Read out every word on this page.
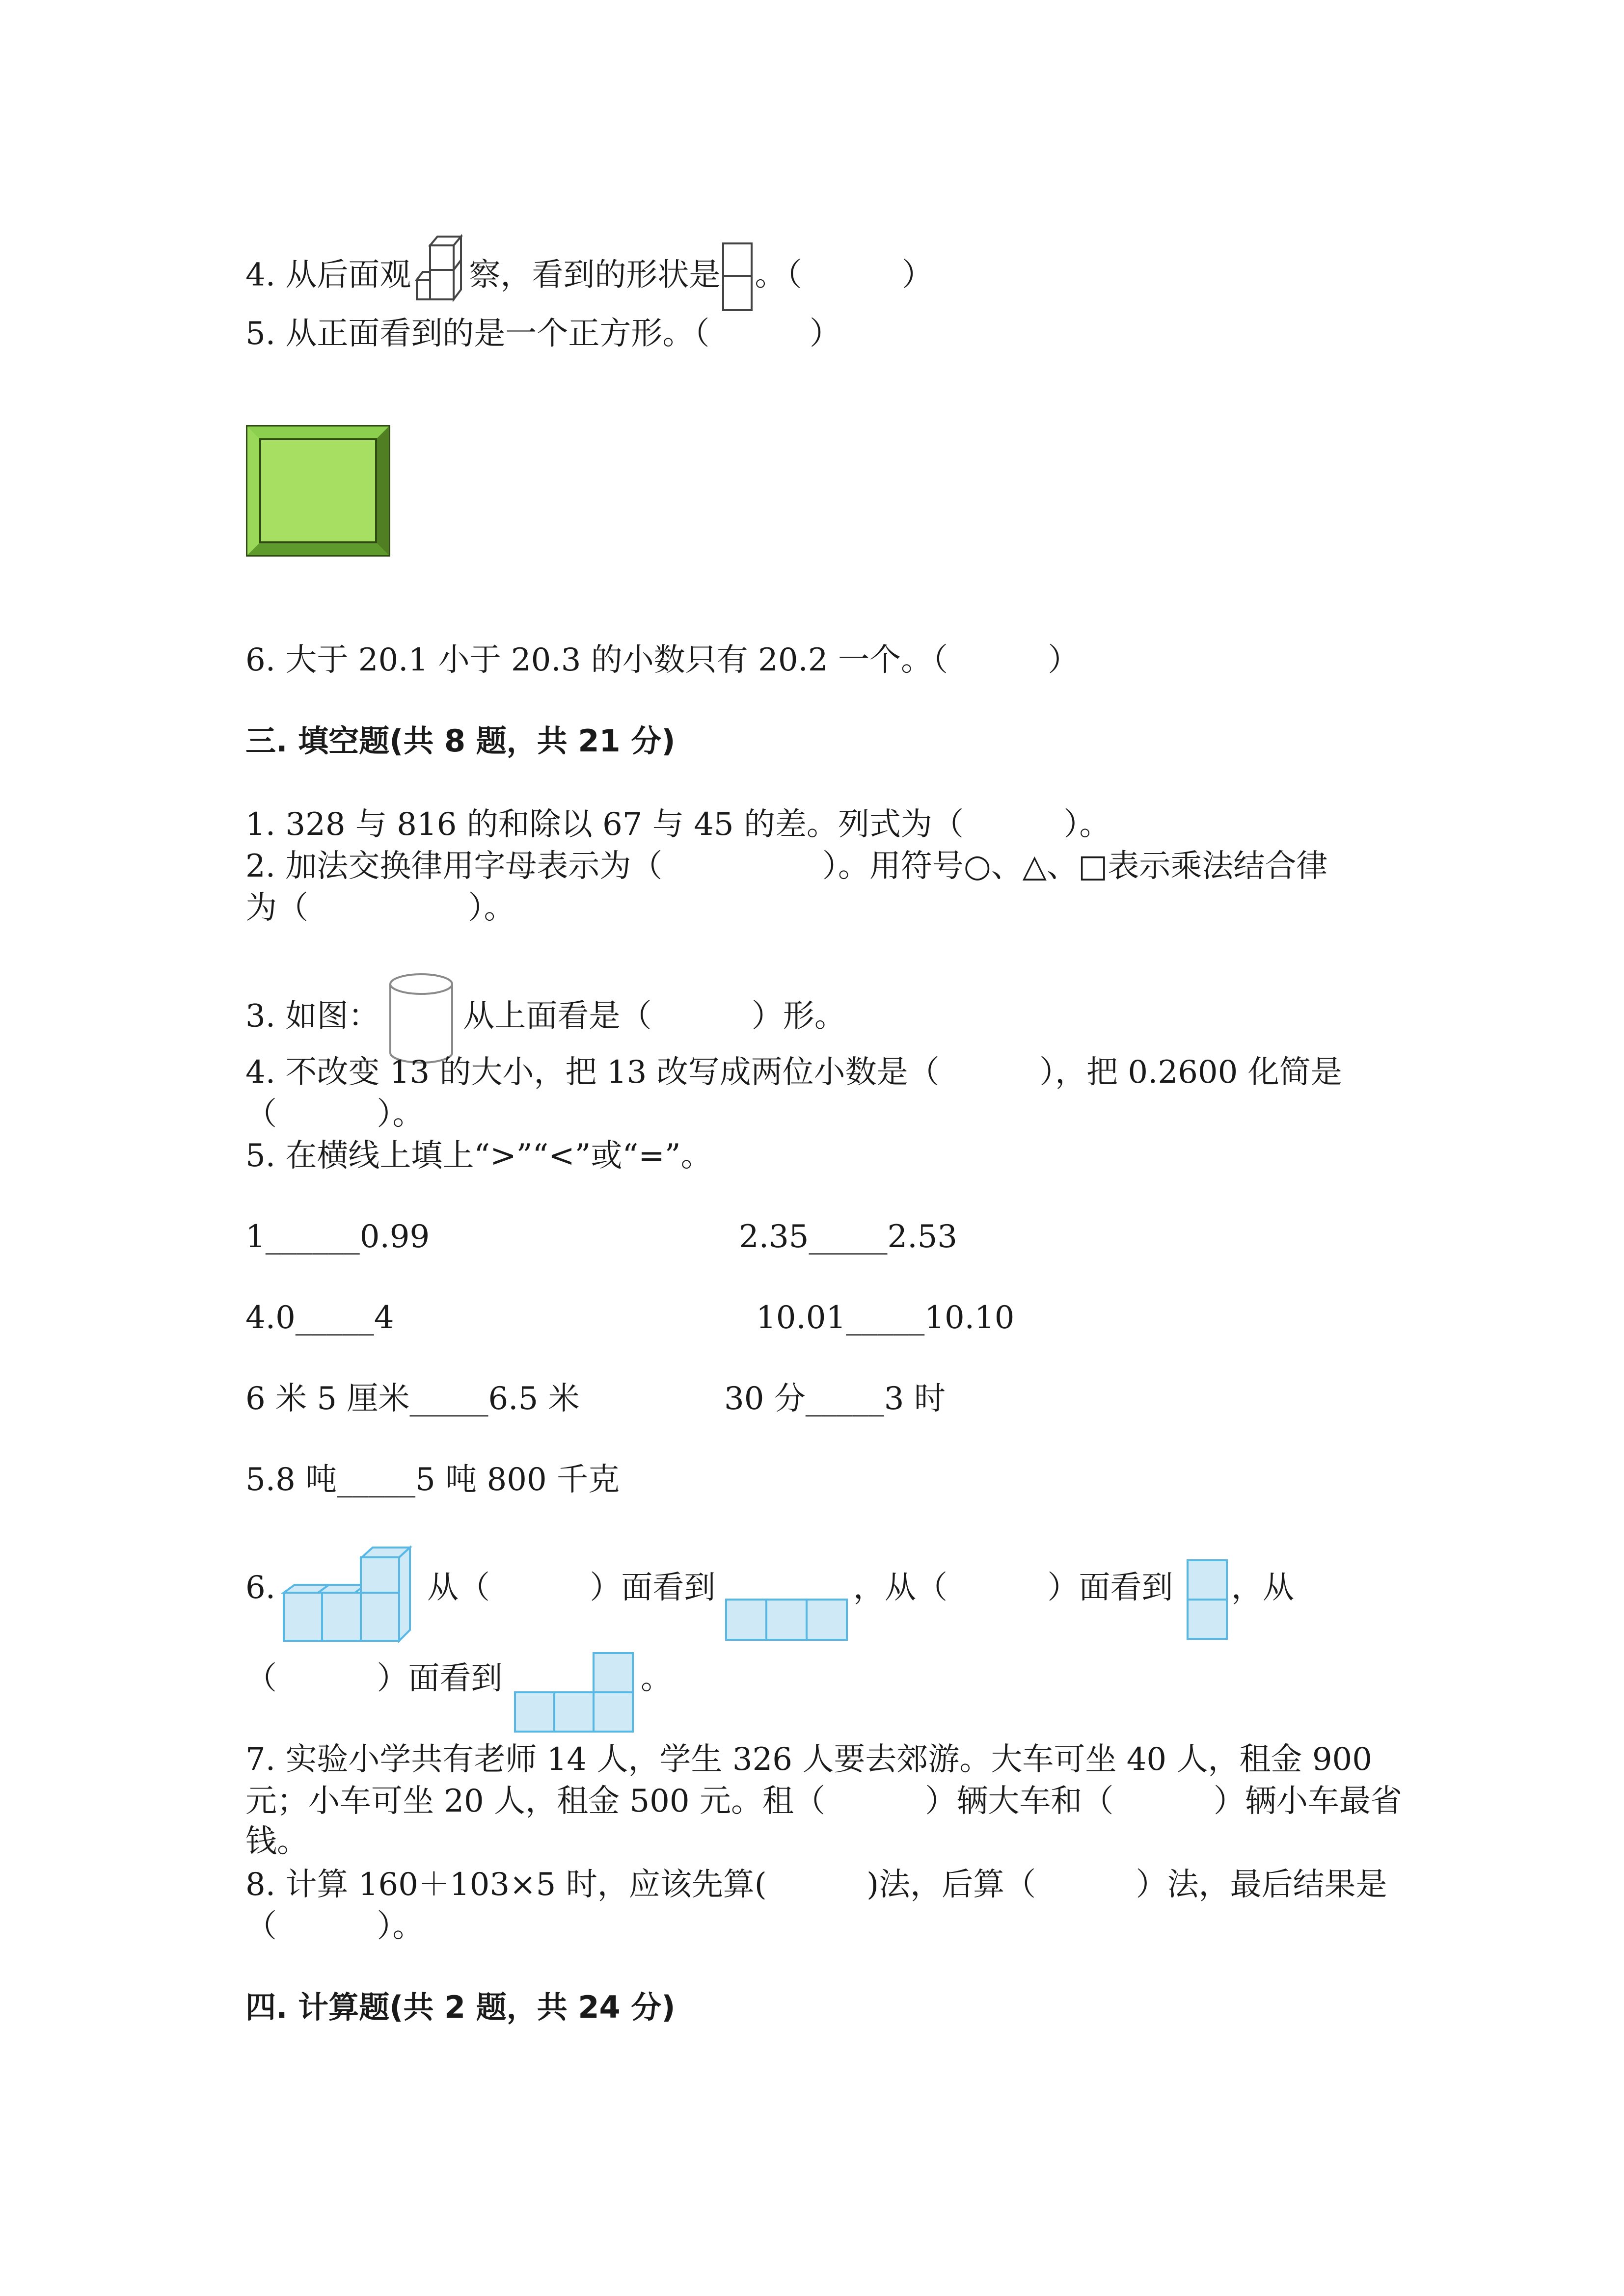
4. 从后面观 察，看到的形状是 。（          ）
5. 从正面看到的是一个正方形。（          ）
6. 大于 20.1 小于 20.3 的小数只有 20.2 一个。（          ）
三. 填空题(共 8 题，共 21 分)
1. 328 与 816 的和除以 67 与 45 的差。列式为（          ）。
2. 加法交换律用字母表示为（                ）。用符号○、△、□表示乘法结合律
为（                ）。
3. 如图：	从上面看是（          ）形。
4. 不改变 13 的大小，把 13 改写成两位小数是（          ），把 0.2600 化简是
（          ）。
5. 在横线上填上“>”“<”或“=”。
1______0.99	2.35_____2.53
4.0_____4	10.01_____10.10
6 米 5 厘米_____6.5 米	30 分_____3 时
5.8 吨_____5 吨 800 千克
6.	从（          ）面看到	，从（          ）面看到 ，从
（          ）面看到	。
7. 实验小学共有老师 14 人，学生 326 人要去郊游。大车可坐 40 人，租金 900
元；小车可坐 20 人，租金 500 元。租（          ）辆大车和（          ）辆小车最省
钱。
8. 计算 160＋103×5 时，应该先算(          )法，后算（          ）法，最后结果是
（          ）。
四. 计算题(共 2 题，共 24 分)
